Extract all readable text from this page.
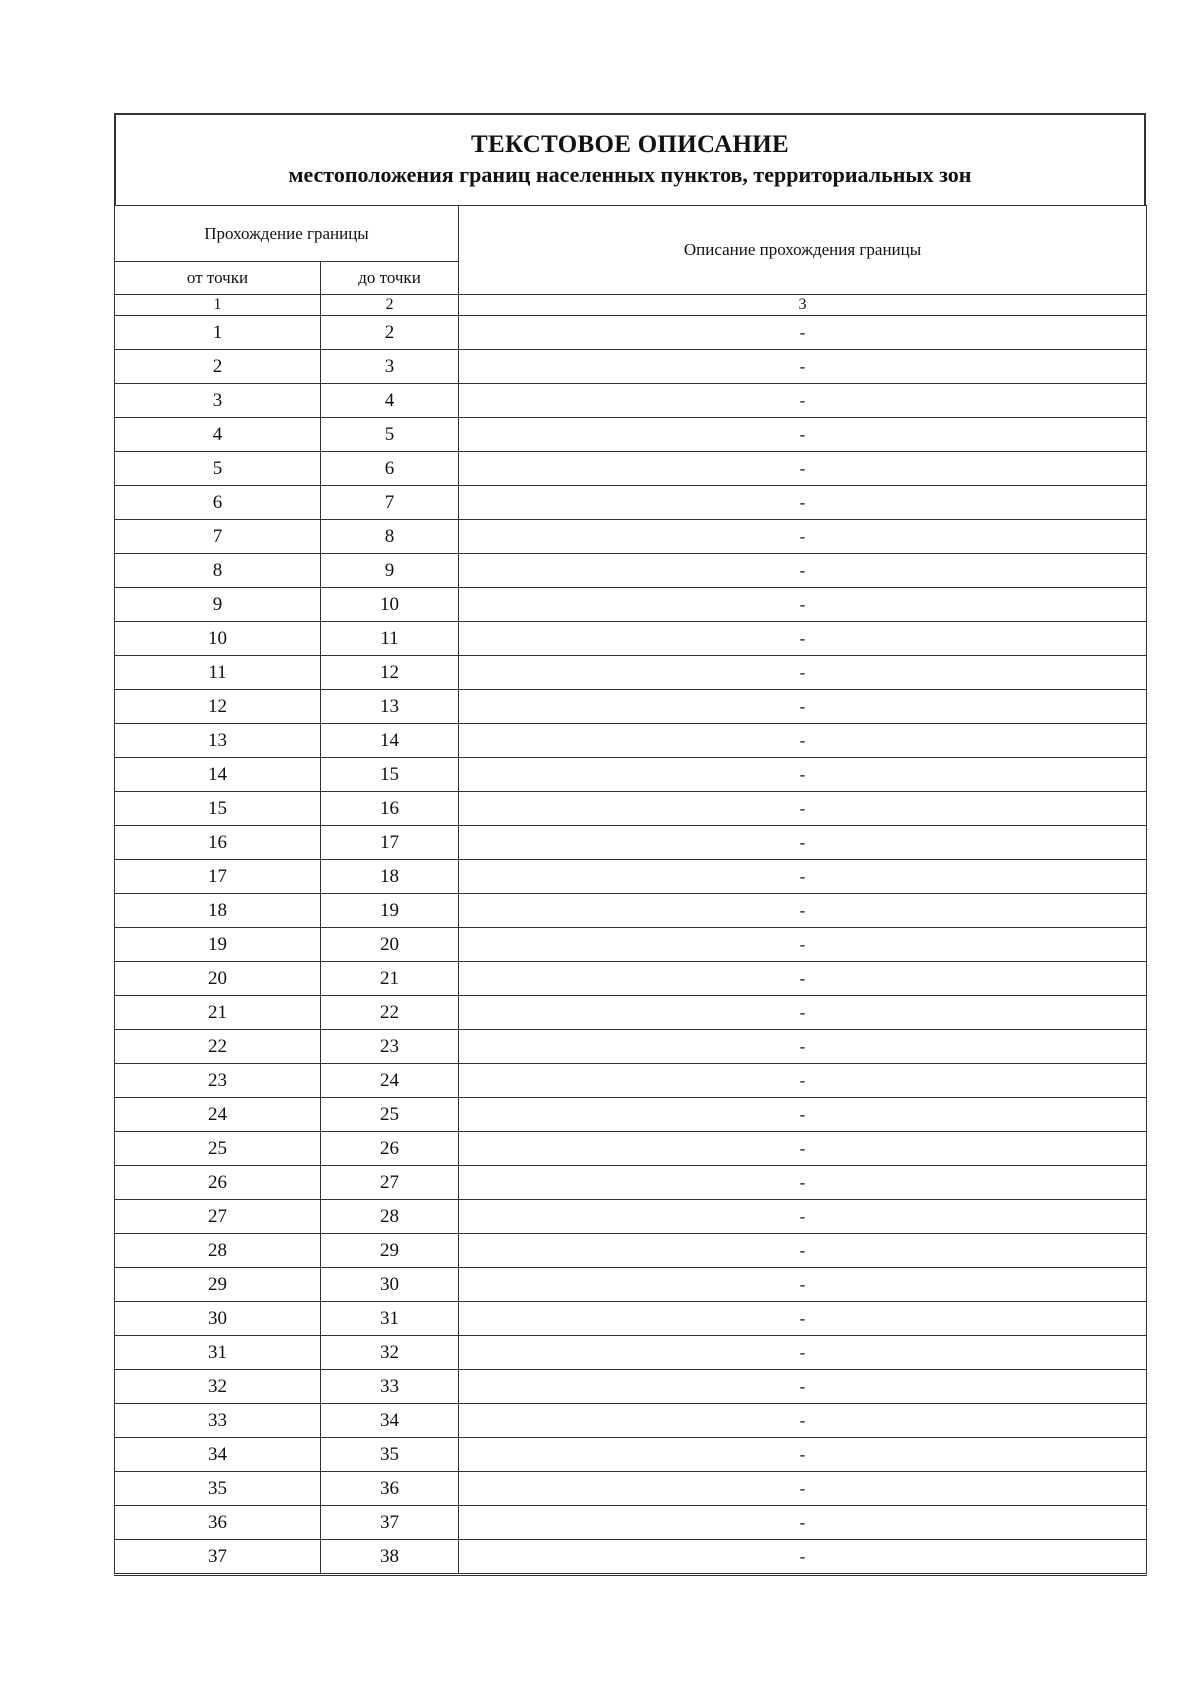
ТЕКСТОВОЕ ОПИСАНИЕ
местоположения границ населенных пунктов, территориальных зон
Прохождение границы		Описание прохождения границы
от точки	до точки	
1	2	3
1	2	-
2	3	-
3	4	-
4	5	-
5	6	-
6	7	-
7	8	-
8	9	-
9	10	-
10	11	-
11	12	-
12	13	-
13	14	-
14	15	-
15	16	-
16	17	-
17	18	-
18	19	-
19	20	-
20	21	-
21	22	-
22	23	-
23	24	-
24	25	-
25	26	-
26	27	-
27	28	-
28	29	-
29	30	-
30	31	-
31	32	-
32	33	-
33	34	-
34	35	-
35	36	-
36	37	-
37	38	-
